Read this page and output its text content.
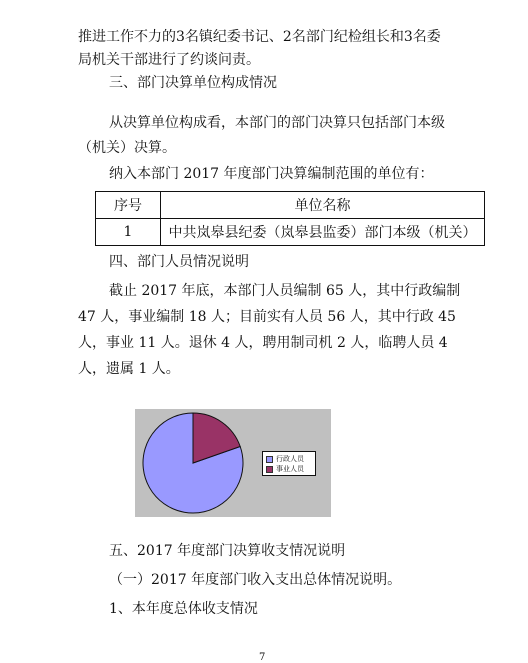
推进工作不力的3名镇纪委书记、2名部门纪检组长和3名委
局机关干部进行了约谈问责。
三、部门决算单位构成情况
从决算单位构成看，本部门的部门决算只包括部门本级
（机关）决算。
纳入本部门 2017 年度部门决算编制范围的单位有：
序号	单位名称
1	中共岚皋县纪委（岚皋县监委）部门本级（机关）
四、部门人员情况说明
截止 2017 年底，本部门人员编制 65 人，其中行政编制
47 人，事业编制 18 人；目前实有人员 56 人，其中行政 45
人，事业 11 人。退休 4 人，聘用制司机 2 人，临聘人员 4
人，遗属 1 人。
行政人员
事业人员
五、2017 年度部门决算收支情况说明
（一）2017 年度部门收入支出总体情况说明。
1、本年度总体收支情况
7
